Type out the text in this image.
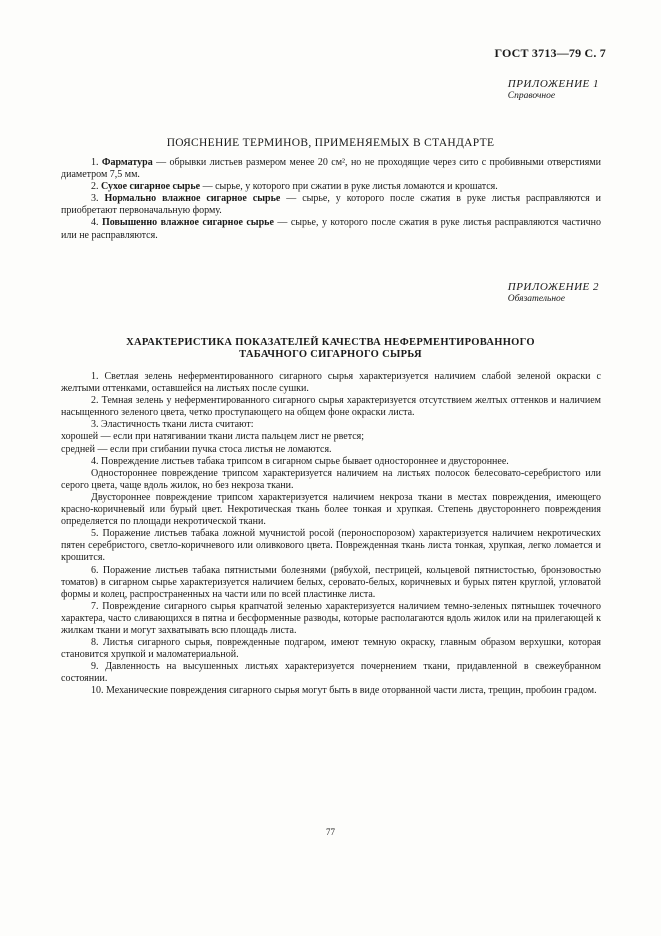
ГОСТ 3713—79 С. 7
ПРИЛОЖЕНИЕ 1
Справочное
ПОЯСНЕНИЕ ТЕРМИНОВ, ПРИМЕНЯЕМЫХ В СТАНДАРТЕ

1. Фарматура — обрывки листьев размером менее 20 см², но не проходящие через сито с пробивными отверстиями диаметром 7,5 мм.

2. Сухое сигарное сырье — сырье, у которого при сжатии в руке листья ломаются и крошатся.

3. Нормально влажное сигарное сырье — сырье, у которого после сжатия в руке листья расправляются и приобретают первоначальную форму.

4. Повышенно влажное сигарное сырье — сырье, у которого после сжатия в руке листья расправляются частично или не расправляются.

ПРИЛОЖЕНИЕ 2
Обязательное
ХАРАКТЕРИСТИКА ПОКАЗАТЕЛЕЙ КАЧЕСТВА НЕФЕРМЕНТИРОВАННОГО
ТАБАЧНОГО СИГАРНОГО СЫРЬЯ

1. Светлая зелень неферментированного сигарного сырья характеризуется наличием слабой зеленой окраски с желтыми оттенками, оставшейся на листьях после сушки.

2. Темная зелень у неферментированного сигарного сырья характеризуется отсутствием желтых оттенков и наличием насыщенного зеленого цвета, четко проступающего на общем фоне окраски листа.

3. Эластичность ткани листа считают:

хорошей — если при натягивании ткани листа пальцем лист не рвется;

средней — если при сгибании пучка стоса листья не ломаются.

4. Повреждение листьев табака трипсом в сигарном сырье бывает одностороннее и двустороннее.

Одностороннее повреждение трипсом характеризуется наличием на листьях полосок белесовато-серебристого или серого цвета, чаще вдоль жилок, но без некроза ткани.

Двустороннее повреждение трипсом характеризуется наличием некроза ткани в местах повреждения, имеющего красно-коричневый или бурый цвет. Некротическая ткань более тонкая и хрупкая. Степень двустороннего повреждения определяется по площади некротической ткани.

5. Поражение листьев табака ложной мучнистой росой (пероноспорозом) характеризуется наличием некротических пятен серебристого, светло-коричневого или оливкового цвета. Поврежденная ткань листа тонкая, хрупкая, легко ломается и крошится.

6. Поражение листьев табака пятнистыми болезнями (рябухой, пестрицей, кольцевой пятнистостью, бронзовостью томатов) в сигарном сырье характеризуется наличием белых, серовато-белых, коричневых и бурых пятен круглой, угловатой формы и колец, распространенных на части или по всей пластинке листа.

7. Повреждение сигарного сырья крапчатой зеленью характеризуется наличием темно-зеленых пятнышек точечного характера, часто сливающихся в пятна и бесформенные разводы, которые располагаются вдоль жилок или на прилегающей к жилкам ткани и могут захватывать всю площадь листа.

8. Листья сигарного сырья, поврежденные подгаром, имеют темную окраску, главным образом верхушки, которая становится хрупкой и маломатериальной.

9. Давленность на высушенных листьях характеризуется почернением ткани, придавленной в свежеубранном состоянии.

10. Механические повреждения сигарного сырья могут быть в виде оторванной части листа, трещин, пробоин градом.

77
